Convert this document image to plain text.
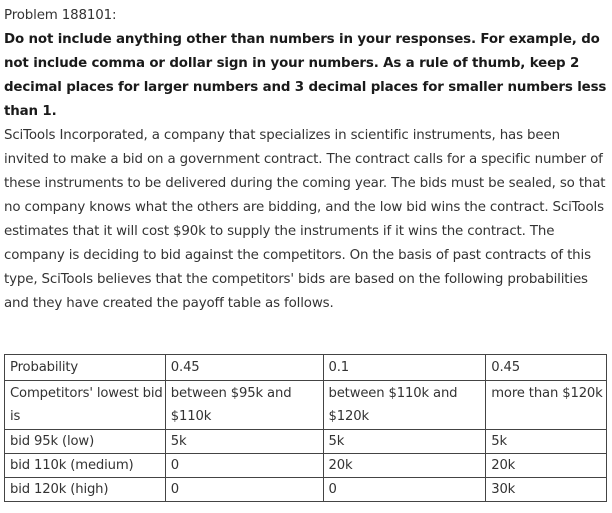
Problem 188101:

Do not include anything other than numbers in your responses. For example, do not include comma or dollar sign in your numbers. As a rule of thumb, keep 2 decimal places for larger numbers and 3 decimal places for smaller numbers less than 1.

SciTools Incorporated, a company that specializes in scientific instruments, has been invited to make a bid on a government contract. The contract calls for a specific number of these instruments to be delivered during the coming year. The bids must be sealed, so that no company knows what the others are bidding, and the low bid wins the contract. SciTools estimates that it will cost $90k to supply the instruments if it wins the contract. The company is deciding to bid against the competitors. On the basis of past contracts of this type, SciTools believes that the competitors' bids are based on the following probabilities and they have created the payoff table as follows.

Probability	0.45	0.1	0.45
Competitors' lowest bid is	between $95k and $110k	between $110k and $120k	more than $120k
bid 95k (low)	5k	5k	5k
bid 110k (medium)	0	20k	20k
bid 120k (high)	0	0	30k
